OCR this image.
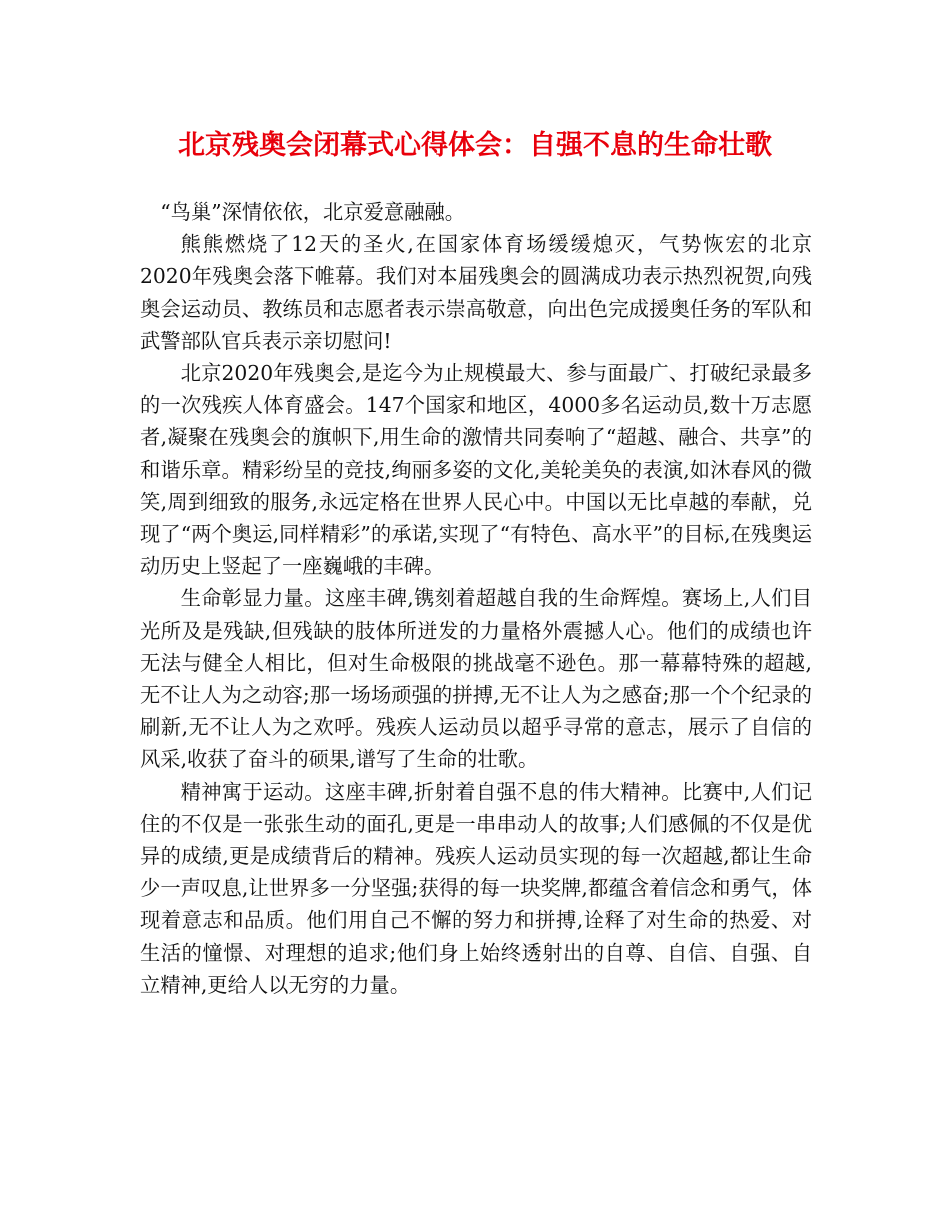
北京残奥会闭幕式心得体会：自强不息的生命壮歌

“鸟巢”深情依依，北京爱意融融。

熊熊燃烧了12天的圣火,在国家体育场缓缓熄灭，气势恢宏的北京2020年残奥会落下帷幕。我们对本届残奥会的圆满成功表示热烈祝贺,向残奥会运动员、教练员和志愿者表示崇高敬意，向出色完成援奥任务的军队和武警部队官兵表示亲切慰问!

北京2020年残奥会,是迄今为止规模最大、参与面最广、打破纪录最多的一次残疾人体育盛会。147个国家和地区，4000多名运动员,数十万志愿者,凝聚在残奥会的旗帜下,用生命的激情共同奏响了“超越、融合、共享”的和谐乐章。精彩纷呈的竞技,绚丽多姿的文化,美轮美奂的表演,如沐春风的微笑,周到细致的服务,永远定格在世界人民心中。中国以无比卓越的奉献，兑现了“两个奥运,同样精彩”的承诺,实现了“有特色、高水平”的目标,在残奥运动历史上竖起了一座巍峨的丰碑。

生命彰显力量。这座丰碑,镌刻着超越自我的生命辉煌。赛场上,人们目光所及是残缺,但残缺的肢体所迸发的力量格外震撼人心。他们的成绩也许无法与健全人相比，但对生命极限的挑战毫不逊色。那一幕幕特殊的超越,无不让人为之动容;那一场场顽强的拼搏,无不让人为之感奋;那一个个纪录的刷新,无不让人为之欢呼。残疾人运动员以超乎寻常的意志，展示了自信的风采,收获了奋斗的硕果,谱写了生命的壮歌。

精神寓于运动。这座丰碑,折射着自强不息的伟大精神。比赛中,人们记住的不仅是一张张生动的面孔,更是一串串动人的故事;人们感佩的不仅是优异的成绩,更是成绩背后的精神。残疾人运动员实现的每一次超越,都让生命少一声叹息,让世界多一分坚强;获得的每一块奖牌,都蕴含着信念和勇气，体现着意志和品质。他们用自己不懈的努力和拼搏,诠释了对生命的热爱、对生活的憧憬、对理想的追求;他们身上始终透射出的自尊、自信、自强、自立精神,更给人以无穷的力量。
